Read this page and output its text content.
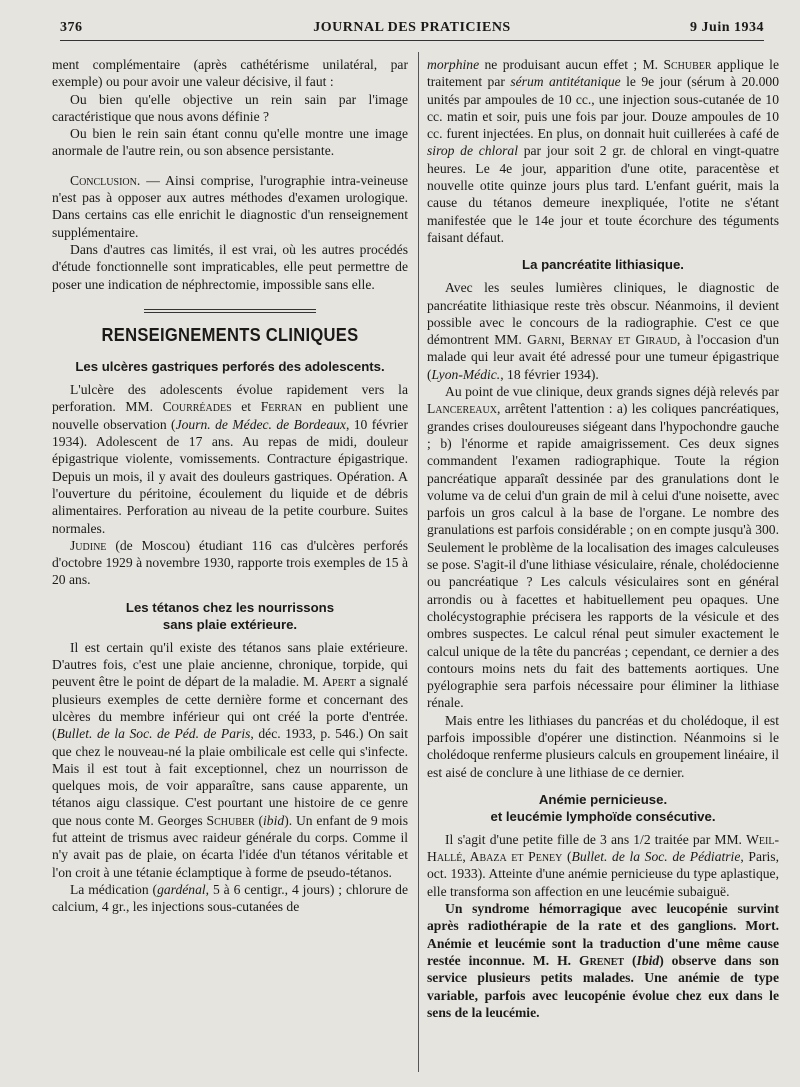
376	JOURNAL DES PRATICIENS	9 Juin 1934

ment complémentaire (après cathétérisme unilatéral, par exemple) ou pour avoir une valeur décisive, il faut :

Ou bien qu'elle objective un rein sain par l'image caractéristique que nous avons définie ?

Ou bien le rein sain étant connu qu'elle montre une image anormale de l'autre rein, ou son absence persistante.

Conclusion. — Ainsi comprise, l'urographie intra-veineuse n'est pas à opposer aux autres méthodes d'examen urologique. Dans certains cas elle enrichit le diagnostic d'un renseignement supplémentaire.

Dans d'autres cas limités, il est vrai, où les autres procédés d'étude fonctionnelle sont impraticables, elle peut permettre de poser une indication de néphrectomie, impossible sans elle.

RENSEIGNEMENTS CLINIQUES
Les ulcères gastriques perforés des adolescents.

L'ulcère des adolescents évolue rapidement vers la perforation. MM. Courréades et Ferran en publient une nouvelle observation (Journ. de Médec. de Bordeaux, 10 février 1934). Adolescent de 17 ans. Au repas de midi, douleur épigastrique violente, vomissements. Contracture épigastrique. Depuis un mois, il y avait des douleurs gastriques. Opération. A l'ouverture du péritoine, écoulement du liquide et de débris alimentaires. Perforation au niveau de la petite courbure. Suites normales.

Judine (de Moscou) étudiant 116 cas d'ulcères perforés d'octobre 1929 à novembre 1930, rapporte trois exemples de 15 à 20 ans.

Les tétanos chez les nourrissons
sans plaie extérieure.

Il est certain qu'il existe des tétanos sans plaie extérieure. D'autres fois, c'est une plaie ancienne, chronique, torpide, qui peuvent être le point de départ de la maladie. M. Apert a signalé plusieurs exemples de cette dernière forme et concernant des ulcères du membre inférieur qui ont créé la porte d'entrée. (Bullet. de la Soc. de Péd. de Paris, déc. 1933, p. 546.) On sait que chez le nouveau-né la plaie ombilicale est celle qui s'infecte. Mais il est tout à fait exceptionnel, chez un nourrisson de quelques mois, de voir apparaître, sans cause apparente, un tétanos aigu classique. C'est pourtant une histoire de ce genre que nous conte M. Georges Schuber (ibid). Un enfant de 9 mois fut atteint de trismus avec raideur générale du corps. Comme il n'y avait pas de plaie, on écarta l'idée d'un tétanos véritable et l'on croit à une tétanie éclamptique à forme de pseudo-tétanos.

La médication (gardénal, 5 à 6 centigr., 4 jours) ; chlorure de calcium, 4 gr., les injections sous-cutanées de

morphine ne produisant aucun effet ; M. Schuber applique le traitement par sérum antitétanique le 9e jour (sérum à 20.000 unités par ampoules de 10 cc., une injection sous-cutanée de 10 cc. matin et soir, puis une fois par jour. Douze ampoules de 10 cc. furent injectées. En plus, on donnait huit cuillerées à café de sirop de chloral par jour soit 2 gr. de chloral en vingt-quatre heures. Le 4e jour, apparition d'une otite, paracentèse et nouvelle otite quinze jours plus tard. L'enfant guérit, mais la cause du tétanos demeure inexpliquée, l'otite ne s'étant manifestée que le 14e jour et toute écorchure des téguments faisant défaut.

La pancréatite lithiasique.

Avec les seules lumières cliniques, le diagnostic de pancréatite lithiasique reste très obscur. Néanmoins, il devient possible avec le concours de la radiographie. C'est ce que démontrent MM. Garni, Bernay et Giraud, à l'occasion d'un malade qui leur avait été adressé pour une tumeur épigastrique (Lyon-Médic., 18 février 1934).

Au point de vue clinique, deux grands signes déjà relevés par Lancereaux, arrêtent l'attention : a) les coliques pancréatiques, grandes crises douloureuses siégeant dans l'hypochondre gauche ; b) l'énorme et rapide amaigrissement. Ces deux signes commandent l'examen radiographique. Toute la région pancréatique apparaît dessinée par des granulations dont le volume va de celui d'un grain de mil à celui d'une noisette, avec parfois un gros calcul à la base de l'organe. Le nombre des granulations est parfois considérable ; on en compte jusqu'à 300. Seulement le problème de la localisation des images calculeuses se pose. S'agit-il d'une lithiase vésiculaire, rénale, cholédocienne ou pancréatique ? Les calculs vésiculaires sont en général arrondis ou à facettes et habituellement peu opaques. Une cholécystographie précisera les rapports de la vésicule et des ombres suspectes. Le calcul rénal peut simuler exactement le calcul unique de la tête du pancréas ; cependant, ce dernier a des contours moins nets du fait des battements aortiques. Une pyélographie sera parfois nécessaire pour éliminer la lithiase rénale.

Mais entre les lithiases du pancréas et du cholédoque, il est parfois impossible d'opérer une distinction. Néanmoins si le cholédoque renferme plusieurs calculs en groupement linéaire, il est aisé de conclure à une lithiase de ce dernier.

Anémie pernicieuse.
et leucémie lymphoïde consécutive.

Il s'agit d'une petite fille de 3 ans 1/2 traitée par MM. Weil-Hallé, Abaza et Peney (Bullet. de la Soc. de Pédiatrie, Paris, oct. 1933). Atteinte d'une anémie pernicieuse du type aplastique, elle transforma son affection en une leucémie subaiguë.

Un syndrome hémorragique avec leucopénie survint après radiothérapie de la rate et des ganglions. Mort. Anémie et leucémie sont la traduction d'une même cause restée inconnue. M. H. Grenet (Ibid) observe dans son service plusieurs petits malades. Une anémie de type variable, parfois avec leucopénie évolue chez eux dans le sens de la leucémie.
